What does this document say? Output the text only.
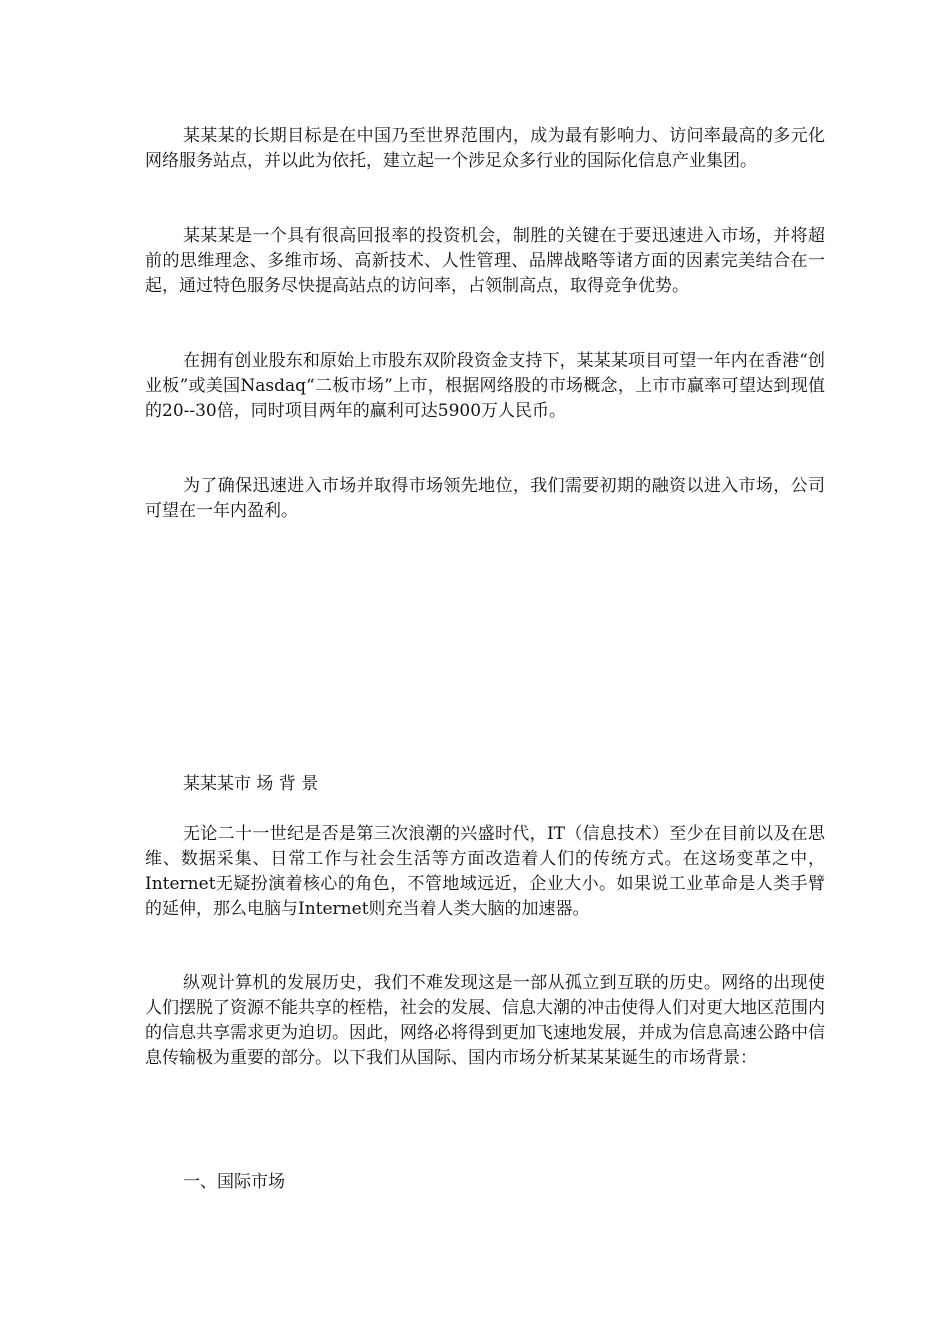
某某某的长期目标是在中国乃至世界范围内，成为最有影响力、访问率最高的多元化网络服务站点，并以此为依托，建立起一个涉足众多行业的国际化信息产业集团。

某某某是一个具有很高回报率的投资机会，制胜的关键在于要迅速进入市场，并将超前的思维理念、多维市场、高新技术、人性管理、品牌战略等诸方面的因素完美结合在一起，通过特色服务尽快提高站点的访问率，占领制高点，取得竞争优势。

在拥有创业股东和原始上市股东双阶段资金支持下，某某某项目可望一年内在香港“创业板”或美国Nasdaq“二板市场”上市，根据网络股的市场概念，上市市赢率可望达到现值的20--30倍，同时项目两年的赢利可达5900万人民币。

为了确保迅速进入市场并取得市场领先地位，我们需要初期的融资以进入市场，公司可望在一年内盈利。

某某某市 场 背 景

无论二十一世纪是否是第三次浪潮的兴盛时代，IT（信息技术）至少在目前以及在思维、数据采集、日常工作与社会生活等方面改造着人们的传统方式。在这场变革之中，Internet无疑扮演着核心的角色，不管地域远近，企业大小。如果说工业革命是人类手臂的延伸，那么电脑与Internet则充当着人类大脑的加速器。

纵观计算机的发展历史，我们不难发现这是一部从孤立到互联的历史。网络的出现使人们摆脱了资源不能共享的桎梏，社会的发展、信息大潮的冲击使得人们对更大地区范围内的信息共享需求更为迫切。因此，网络必将得到更加飞速地发展，并成为信息高速公路中信息传输极为重要的部分。以下我们从国际、国内市场分析某某某诞生的市场背景：

一、国际市场
